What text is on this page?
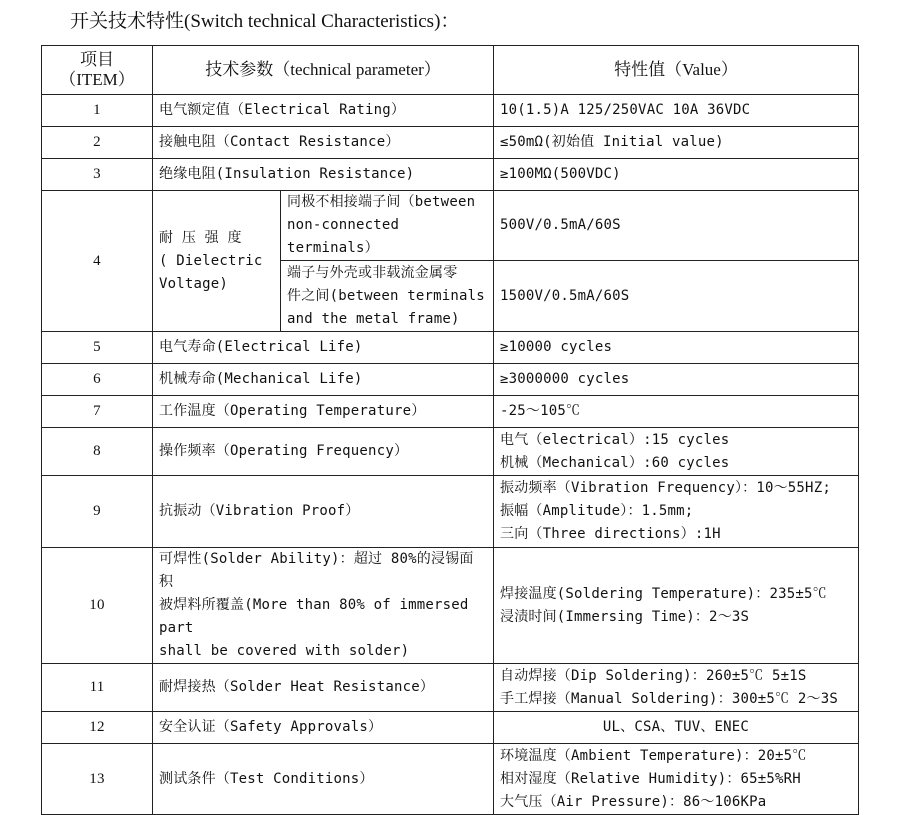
开关技术特性(Switch technical Characteristics)：
项目
（ITEM）	技术参数（technical parameter）		特性值（Value）
1	电气额定值（Electrical Rating）		10(1.5)A 125/250VAC 10A 36VDC
2	接触电阻（Contact Resistance）		≤50mΩ(初始值 Initial value)
3	绝缘电阻(Insulation Resistance)		≥100MΩ(500VDC)
4	耐 压 强 度
( Dielectric
Voltage)	同极不相接端子间（between
non-connected terminals）	500V/0.5mA/60S
		端子与外壳或非载流金属零
件之间(between terminals
and the metal frame)	1500V/0.5mA/60S
5	电气寿命(Electrical Life)		≥10000 cycles
6	机械寿命(Mechanical Life)		≥3000000 cycles
7	工作温度（Operating Temperature）		-25～105℃
8	操作频率（Operating Frequency）		电气（electrical）:15 cycles
机械（Mechanical）:60 cycles
9	抗振动（Vibration Proof）		振动频率（Vibration Frequency）：10～55HZ;
振幅（Amplitude）：1.5mm;
三向（Three directions）:1H
10	可焊性(Solder Ability)：超过 80%的浸锡面积
被焊料所覆盖(More than 80% of immersed part
shall be covered with solder)		焊接温度(Soldering Temperature)：235±5℃
浸渍时间(Immersing Time)：2～3S
11	耐焊接热（Solder Heat Resistance）		自动焊接（Dip Soldering)：260±5℃ 5±1S
手工焊接（Manual Soldering)：300±5℃ 2～3S
12	安全认证（Safety Approvals）		UL、CSA、TUV、ENEC
13	测试条件（Test Conditions）		环境温度（Ambient Temperature)：20±5℃
相对湿度（Relative Humidity)：65±5%RH
大气压（Air Pressure)：86～106KPa
